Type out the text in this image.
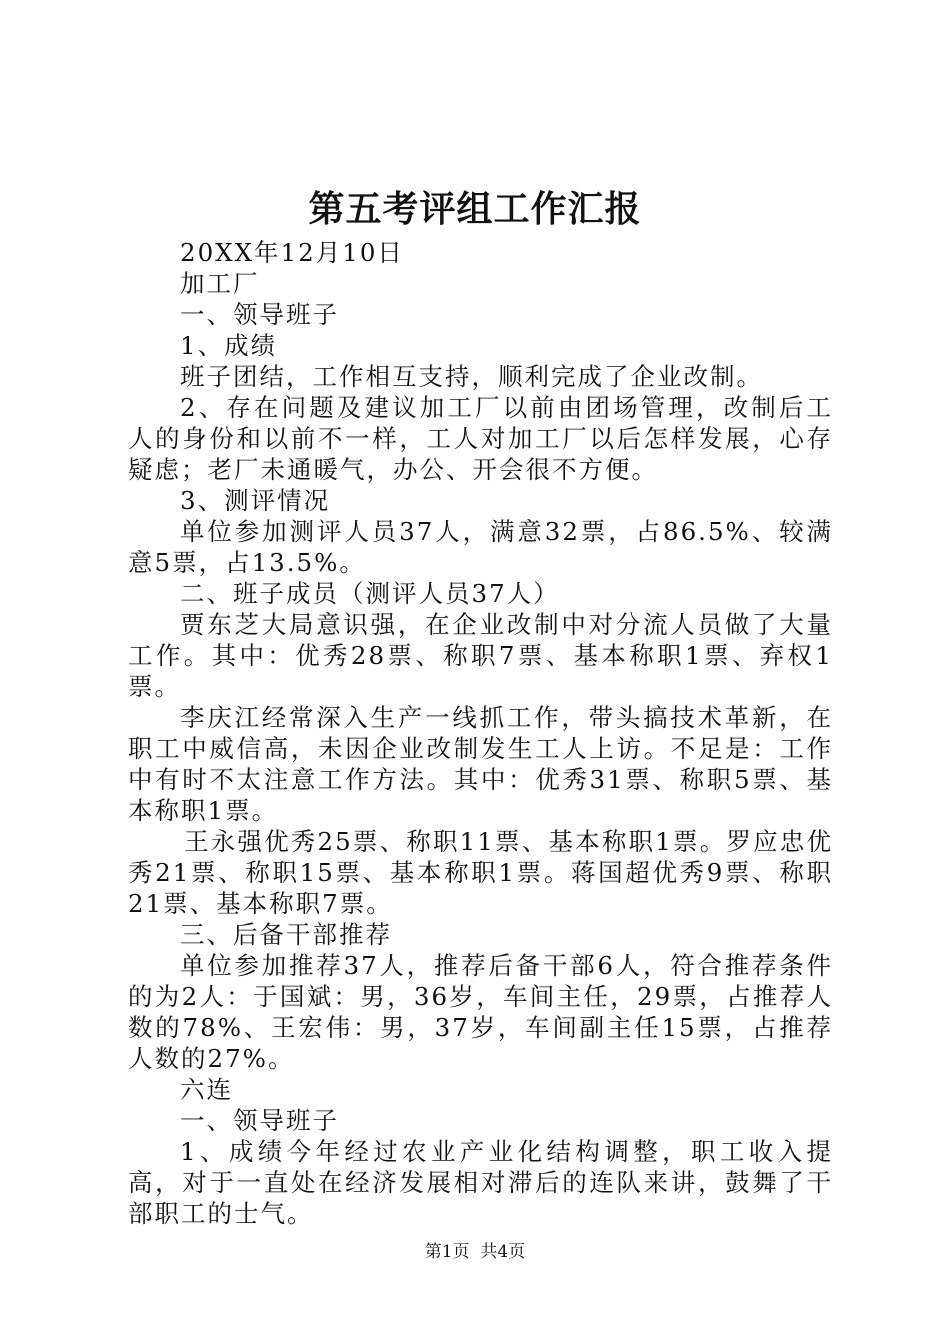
第五考评组工作汇报

20XX年12月10日

加工厂

一、领导班子

1、成绩

班子团结，工作相互支持，顺利完成了企业改制。

2、存在问题及建议加工厂以前由团场管理，改制后工人的身份和以前不一样，工人对加工厂以后怎样发展，心存疑虑；老厂未通暖气，办公、开会很不方便。

3、测评情况

单位参加测评人员37人，满意32票，占86.5%、较满意5票，占13.5%。

二、班子成员（测评人员37人）

贾东芝大局意识强，在企业改制中对分流人员做了大量工作。其中：优秀28票、称职7票、基本称职1票、弃权1票。

李庆江经常深入生产一线抓工作，带头搞技术革新，在职工中威信高，未因企业改制发生工人上访。不足是：工作中有时不太注意工作方法。其中：优秀31票、称职5票、基本称职1票。

王永强优秀25票、称职11票、基本称职1票。罗应忠优秀21票、称职15票、基本称职1票。蒋国超优秀9票、称职21票、基本称职7票。

三、后备干部推荐

单位参加推荐37人，推荐后备干部6人，符合推荐条件的为2人：于国斌：男，36岁，车间主任，29票，占推荐人数的78%、王宏伟：男，37岁，车间副主任15票，占推荐人数的27%。

六连

一、领导班子

1、成绩今年经过农业产业化结构调整，职工收入提高，对于一直处在经济发展相对滞后的连队来讲，鼓舞了干部职工的士气。

第1页 共4页
